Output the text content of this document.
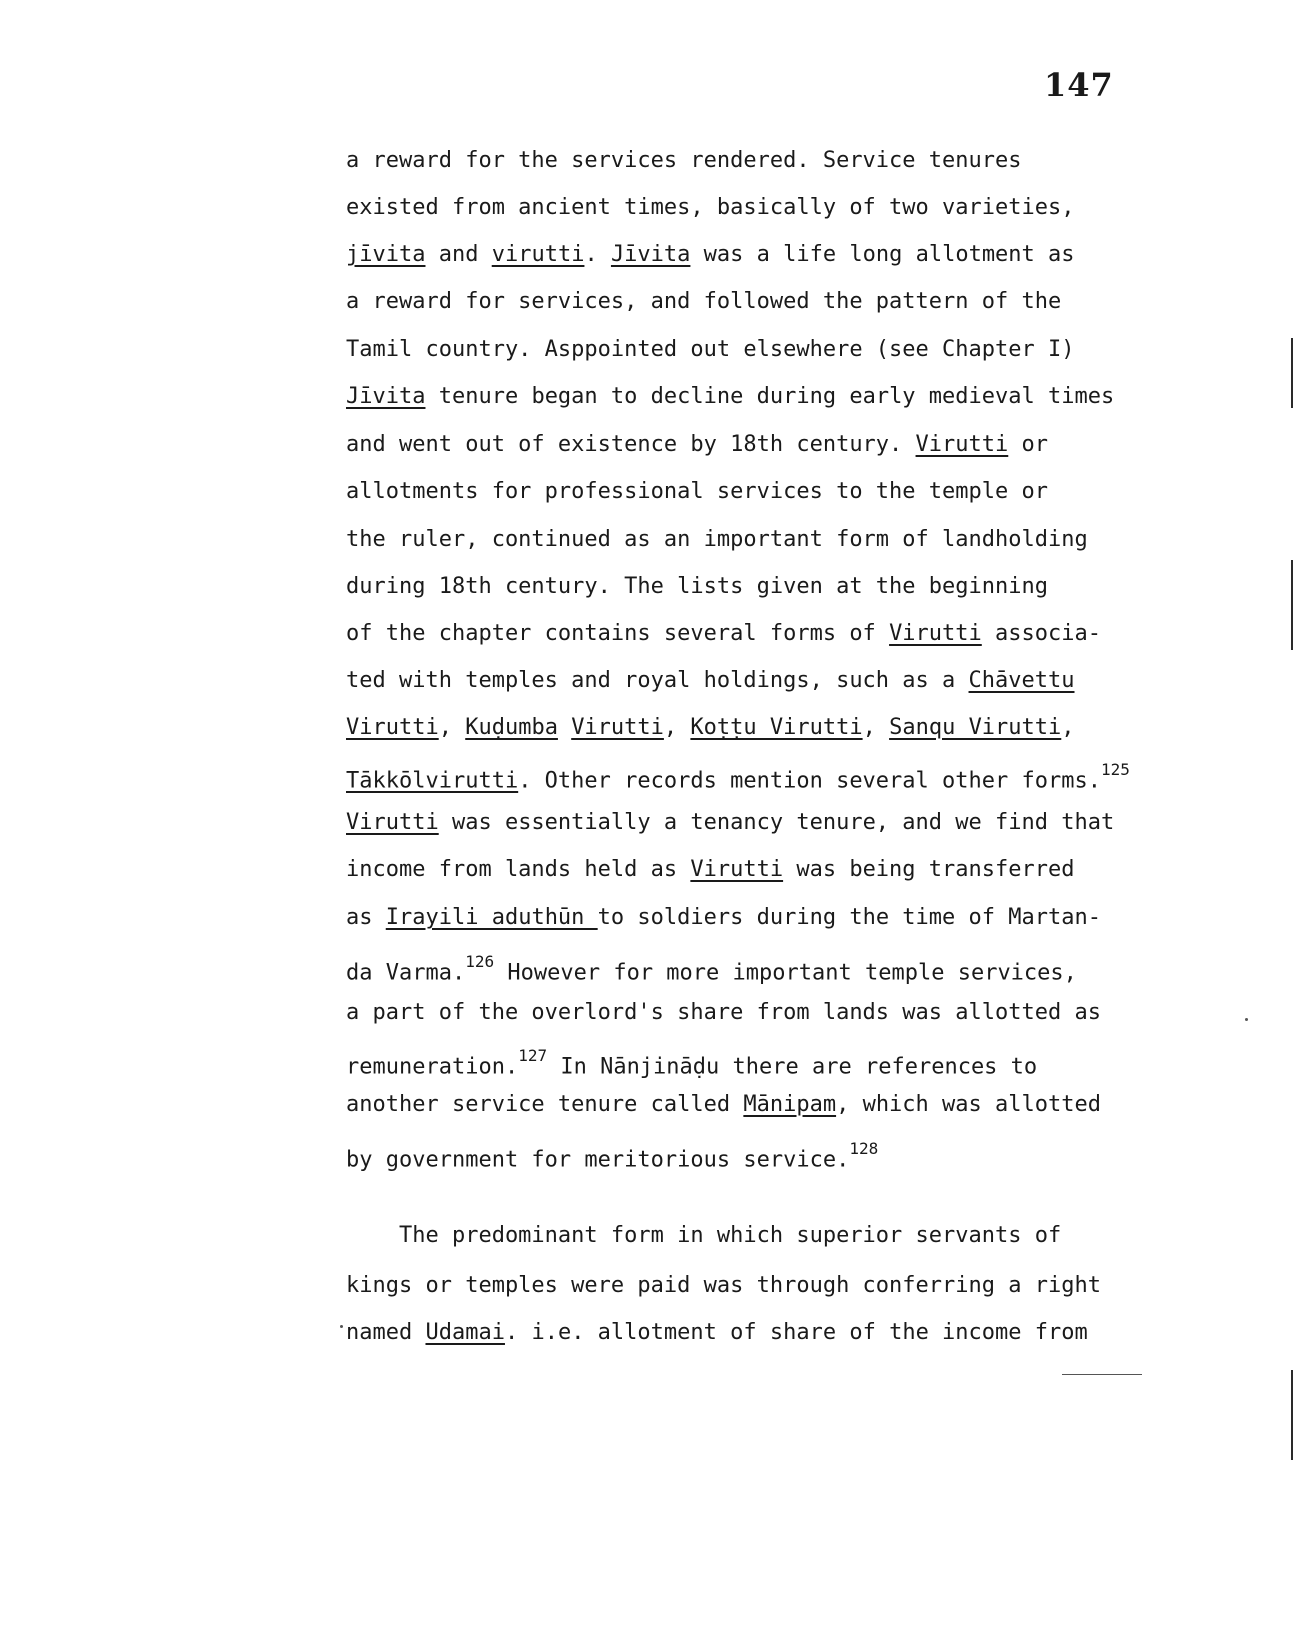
147
a reward for the services rendered. Service tenures
existed from ancient times, basically of two varieties,
jīvita and virutti. Jīvita was a life long allotment as
a reward for services, and followed the pattern of the
Tamil country. Asppointed out elsewhere (see Chapter I)
Jīvita tenure began to decline during early medieval times
and went out of existence by 18th century. Virutti or
allotments for professional services to the temple or
the ruler, continued as an important form of landholding
during 18th century. The lists given at the beginning
of the chapter contains several forms of Virutti associa-
ted with temples and royal holdings, such as a Chāvettu
Virutti, Kuḍumba Virutti, Koṭṭu Virutti, Sanqu Virutti,
Tākkōlvirutti. Other records mention several other forms.$^{125}$
Virutti was essentially a tenancy tenure, and we find that
income from lands held as Virutti was being transferred
as Irayili aduthūn to soldiers during the time of Martan-
da Varma.$^{126}$ However for more important temple services,
a part of the overlord's share from lands was allotted as
remuneration.$^{127}$ In Nānjināḍu there are references to
another service tenure called Mānipam, which was allotted
by government for meritorious service.$^{128}$
The predominant form in which superior servants of
kings or temples were paid was through conferring a right
named Udamai. i.e. allotment of share of the income from
